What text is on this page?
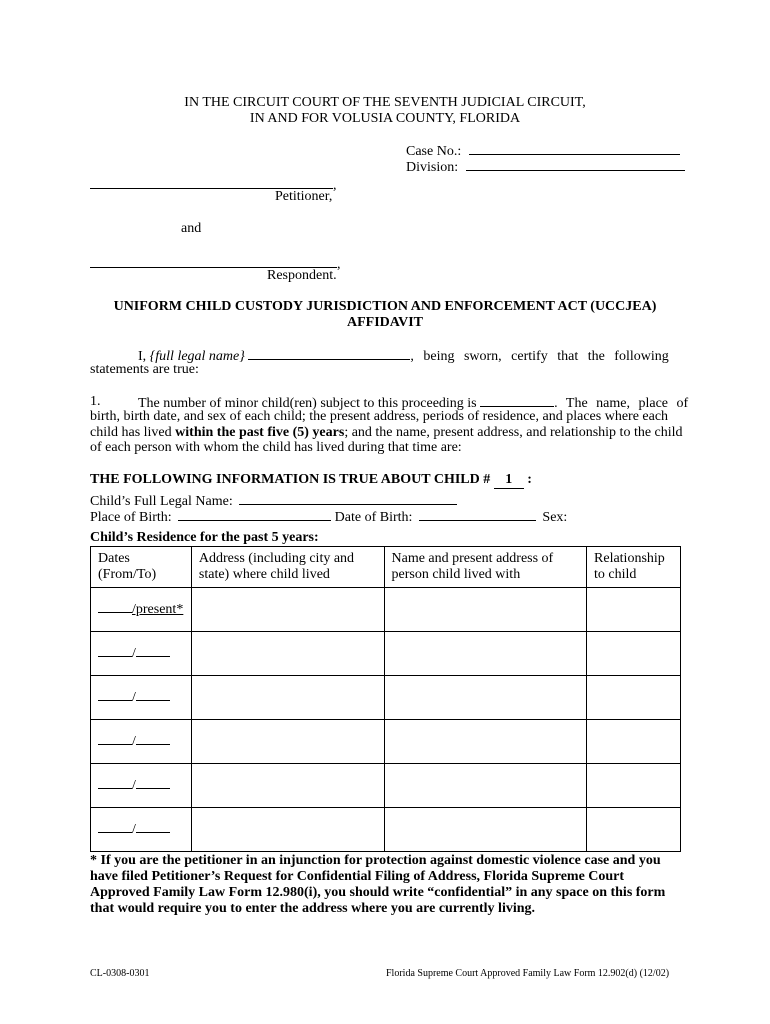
IN THE CIRCUIT COURT OF THE SEVENTH JUDICIAL CIRCUIT,
IN AND FOR VOLUSIA COUNTY, FLORIDA
Case No.:
Division:
,
Petitioner,
and
,
Respondent.
UNIFORM CHILD CUSTODY JURISDICTION AND ENFORCEMENT ACT (UCCJEA)
AFFIDAVIT
I, {full legal name}	, being sworn, certify that the following
statements are true:
1.	The number of minor child(ren) subject to this proceeding is	. The name, place of
birth, birth date, and sex of each child; the present address, periods of residence, and places where each
child has lived within the past five (5) years; and the name, present address, and relationship to the child
of each person with whom the child has lived during that time are:
THE FOLLOWING INFORMATION IS TRUE ABOUT CHILD # 1 :
Child’s Full Legal Name:
Place of Birth:	Date of Birth:	Sex:
Child’s Residence for the past 5 years:
Dates (From/To)	Address (including city and state) where child lived	Name and present address of person child lived with	Relationship to child
/present*			
/			
/			
/			
/			
/			
* If you are the petitioner in an injunction for protection against domestic violence case and you
have filed Petitioner’s Request for Confidential Filing of Address, Florida Supreme Court
Approved Family Law Form 12.980(i), you should write “confidential” in any space on this form
that would require you to enter the address where you are currently living.
CL-0308-0301	Florida Supreme Court Approved Family Law Form 12.902(d) (12/02)
